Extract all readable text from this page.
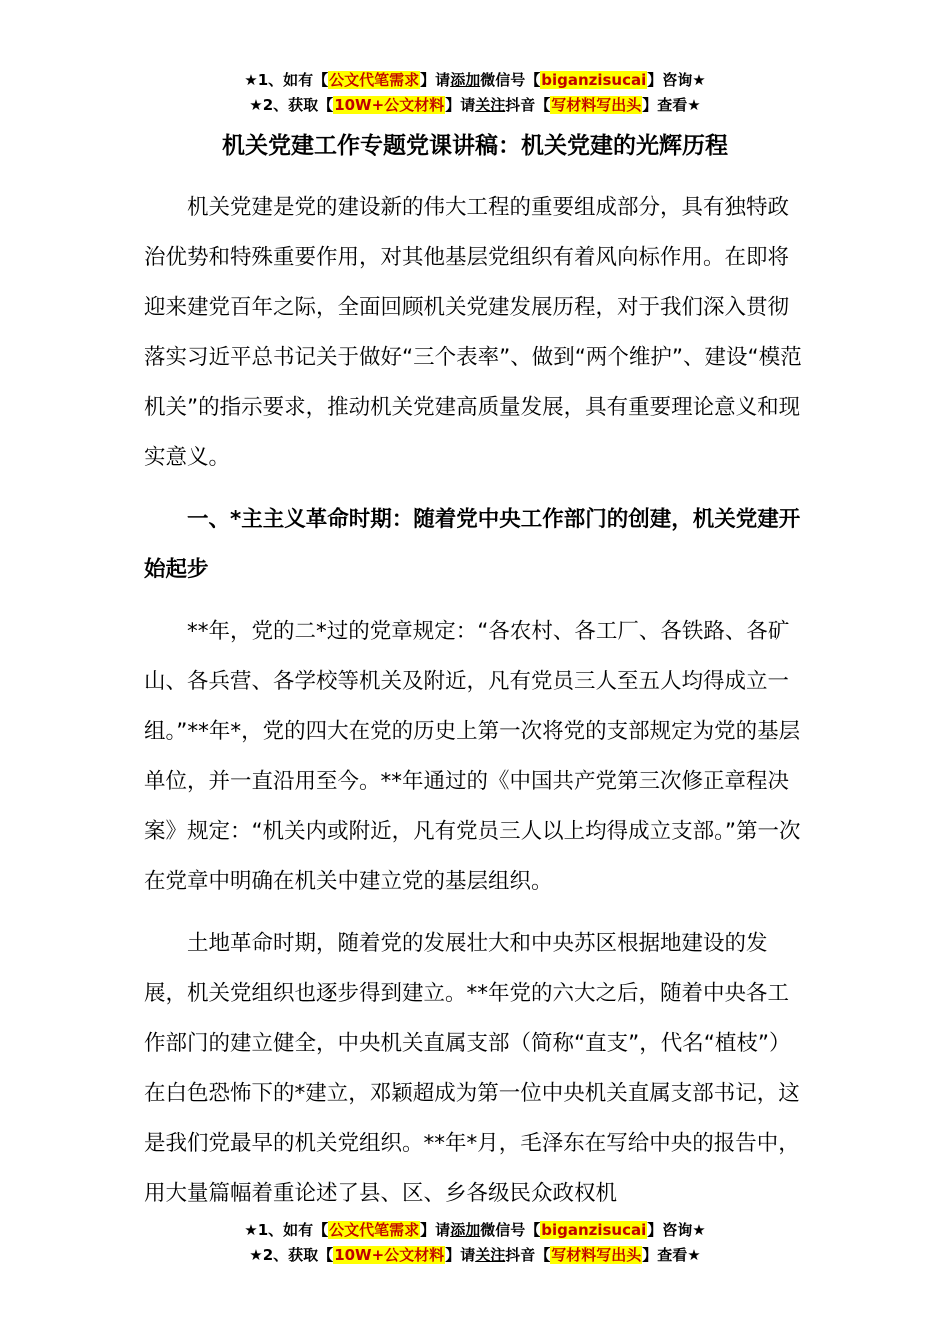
★1、如有【公文代笔需求】请添加微信号【biganzisucai】咨询★
★2、获取【10W+公文材料】请关注抖音【写材料写出头】查看★
机关党建工作专题党课讲稿：机关党建的光辉历程

机关党建是党的建设新的伟大工程的重要组成部分，具有独特政治优势和特殊重要作用，对其他基层党组织有着风向标作用。在即将迎来建党百年之际，全面回顾机关党建发展历程，对于我们深入贯彻落实习近平总书记关于做好“三个表率”、做到“两个维护”、建设“模范机关”的指示要求，推动机关党建高质量发展，具有重要理论意义和现实意义。

一、*主主义革命时期：随着党中央工作部门的创建，机关党建开始起步

**年，党的二*过的党章规定：“各农村、各工厂、各铁路、各矿山、各兵营、各学校等机关及附近，凡有党员三人至五人均得成立一组。”**年*，党的四大在党的历史上第一次将党的支部规定为党的基层单位，并一直沿用至今。**年通过的《中国共产党第三次修正章程决案》规定：“机关内或附近，凡有党员三人以上均得成立支部。”第一次在党章中明确在机关中建立党的基层组织。

土地革命时期，随着党的发展壮大和中央苏区根据地建设的发展，机关党组织也逐步得到建立。**年党的六大之后，随着中央各工作部门的建立健全，中央机关直属支部（简称“直支”，代名“植枝”）在白色恐怖下的*建立，邓颖超成为第一位中央机关直属支部书记，这是我们党最早的机关党组织。**年*月，毛泽东在写给中央的报告中，用大量篇幅着重论述了县、区、乡各级民众政权机

★1、如有【公文代笔需求】请添加微信号【biganzisucai】咨询★
★2、获取【10W+公文材料】请关注抖音【写材料写出头】查看★
